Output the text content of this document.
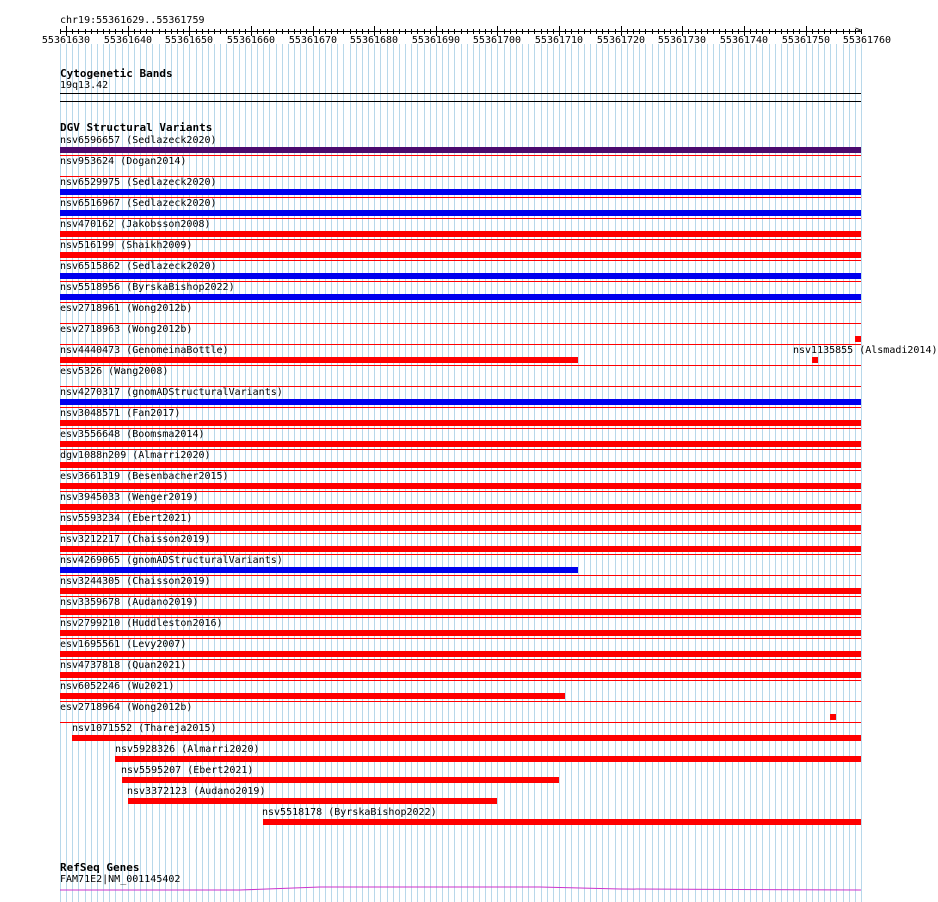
chr19:55361629..55361759
55361630	55361640	55361650	55361660	55361670	55361680	55361690	55361700	55361710	55361720	55361730	55361740	55361750	55361760
Cytogenetic Bands
19q13.42
DGV Structural Variants
nsv6596657 (Sedlazeck2020)
nsv953624 (Dogan2014)
nsv6529975 (Sedlazeck2020)
nsv6516967 (Sedlazeck2020)
nsv470162 (Jakobsson2008)
nsv516199 (Shaikh2009)
nsv6515862 (Sedlazeck2020)
nsv5518956 (ByrskaBishop2022)
esv2718961 (Wong2012b)
esv2718963 (Wong2012b)
nsv4440473 (GenomeinaBottle)
esv5326 (Wang2008)
nsv4270317 (gnomADStructuralVariants)
nsv3048571 (Fan2017)
esv3556648 (Boomsma2014)
dgv1088n209 (Almarri2020)
esv3661319 (Besenbacher2015)
nsv3945033 (Wenger2019)
nsv5593234 (Ebert2021)
nsv3212217 (Chaisson2019)
nsv4269065 (gnomADStructuralVariants)
nsv3244305 (Chaisson2019)
nsv3359678 (Audano2019)
nsv2799210 (Huddleston2016)
esv1695561 (Levy2007)
nsv4737818 (Quan2021)
nsv6052246 (Wu2021)
esv2718964 (Wong2012b)
nsv1071552 (Thareja2015)
nsv5928326 (Almarri2020)
nsv5595207 (Ebert2021)
nsv3372123 (Audano2019)
nsv5518178 (ByrskaBishop2022)
nsv1135855 (Alsmadi2014)
RefSeq Genes
FAM71E2|NM_001145402
